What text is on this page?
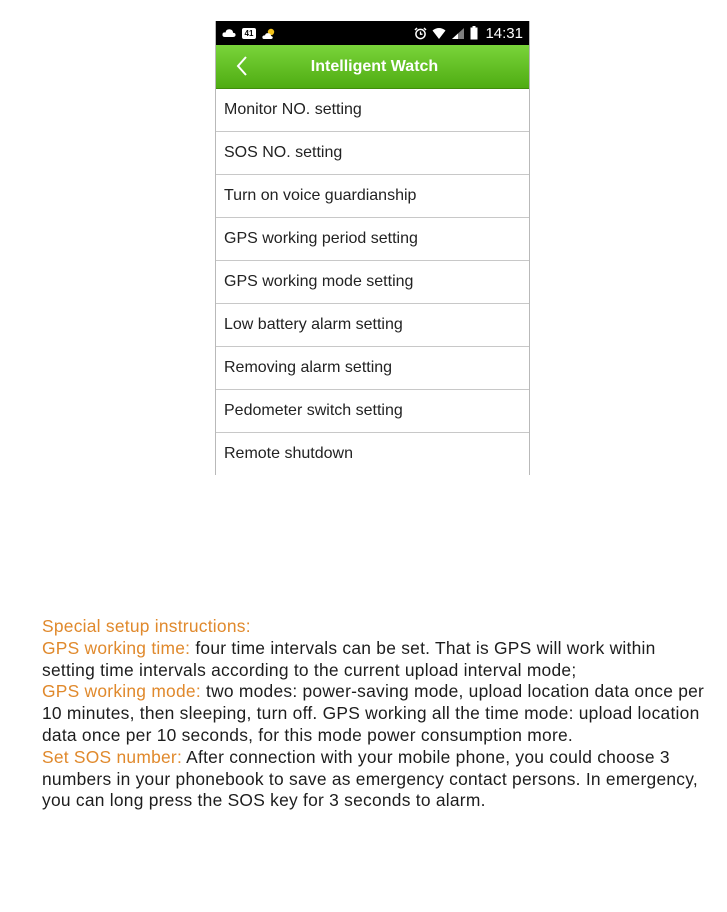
41	14:31
Intelligent Watch
Monitor NO. setting
SOS NO. setting
Turn on voice guardianship
GPS working period setting
GPS working mode setting
Low battery alarm setting
Removing alarm setting
Pedometer switch setting
Remote shutdown

Special setup instructions:

GPS working time: four time intervals can be set. That is GPS will work within setting time intervals according to the current upload interval mode;

GPS working mode: two modes: power-saving mode, upload location data once per 10 minutes, then sleeping, turn off. GPS working all the time mode: upload location data once per 10 seconds, for this mode power consumption more.

Set SOS number: After connection with your mobile phone, you could choose 3 numbers in your phonebook to save as emergency contact persons. In emergency, you can long press the SOS key for 3 seconds to alarm.
